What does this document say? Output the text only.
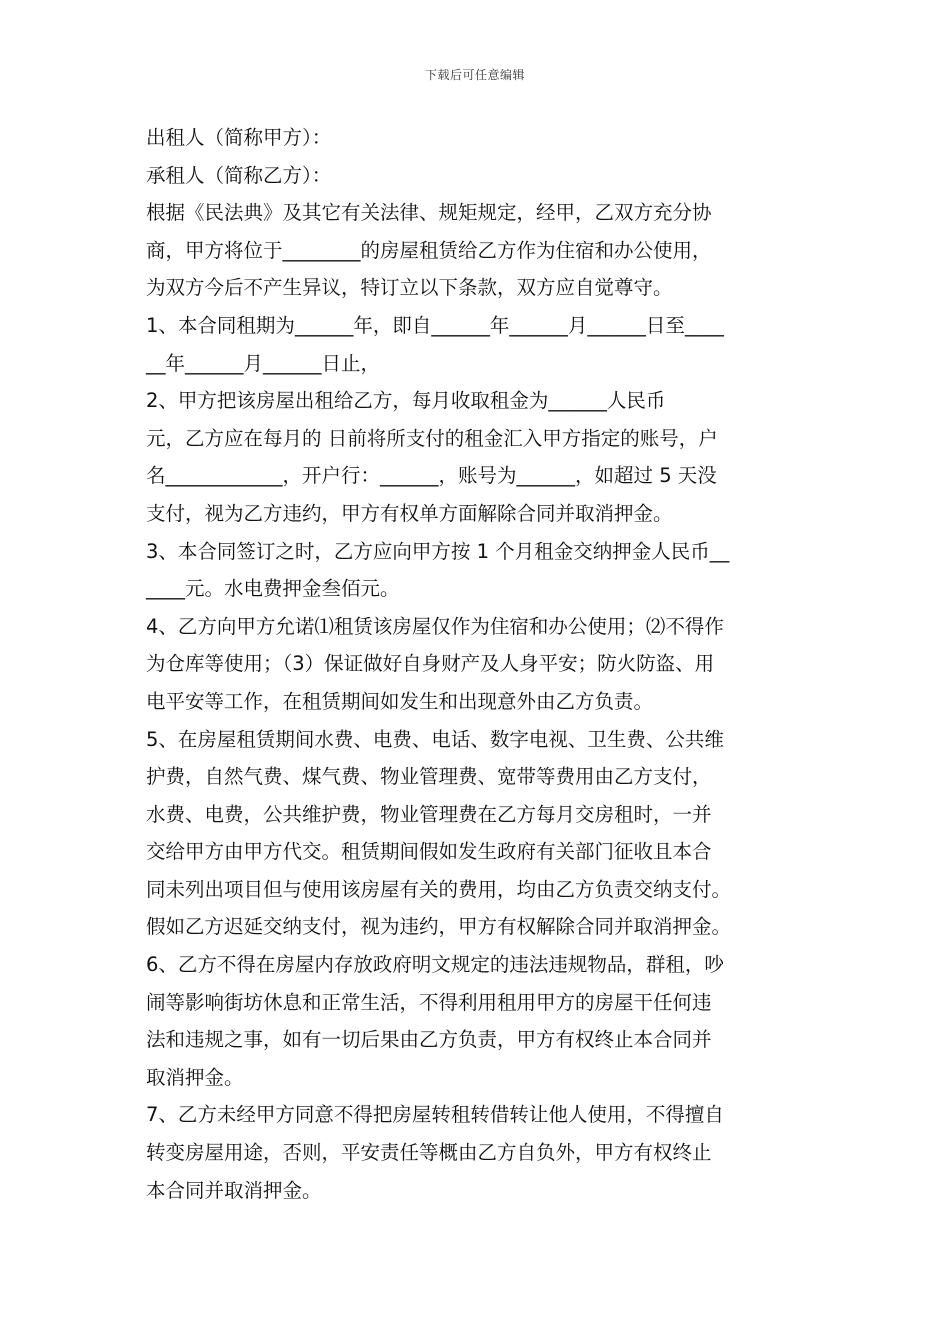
下载后可任意编辑
出租人（简称甲方）：
承租人（简称乙方）：
根据《民法典》及其它有关法律、规矩规定，经甲，乙双方充分协
商，甲方将位于________的房屋租赁给乙方作为住宿和办公使用，
为双方今后不产生异议，特订立以下条款，双方应自觉尊守。
1、本合同租期为______年，即自______年______月______日至____
__年______月______日止，
2、甲方把该房屋出租给乙方，每月收取租金为______人民币
元，乙方应在每月的 日前将所支付的租金汇入甲方指定的账号，户
名____________，开户行：______，账号为______，如超过 5 天没
支付，视为乙方违约，甲方有权单方面解除合同并取消押金。
3、本合同签订之时，乙方应向甲方按 1 个月租金交纳押金人民币__
____元。水电费押金叁佰元。
4、乙方向甲方允诺⑴租赁该房屋仅作为住宿和办公使用；⑵不得作
为仓库等使用；（3）保证做好自身财产及人身平安；防火防盗、用
电平安等工作，在租赁期间如发生和出现意外由乙方负责。
5、在房屋租赁期间水费、电费、电话、数字电视、卫生费、公共维
护费，自然气费、煤气费、物业管理费、宽带等费用由乙方支付，
水费、电费，公共维护费，物业管理费在乙方每月交房租时，一并
交给甲方由甲方代交。租赁期间假如发生政府有关部门征收且本合
同未列出项目但与使用该房屋有关的费用，均由乙方负责交纳支付。
假如乙方迟延交纳支付，视为违约，甲方有权解除合同并取消押金。
6、乙方不得在房屋内存放政府明文规定的违法违规物品，群租，吵
闹等影响街坊休息和正常生活，不得利用租用甲方的房屋干任何违
法和违规之事，如有一切后果由乙方负责，甲方有权终止本合同并
取消押金。
7、乙方未经甲方同意不得把房屋转租转借转让他人使用，不得擅自
转变房屋用途，否则，平安责任等概由乙方自负外，甲方有权终止
本合同并取消押金。
